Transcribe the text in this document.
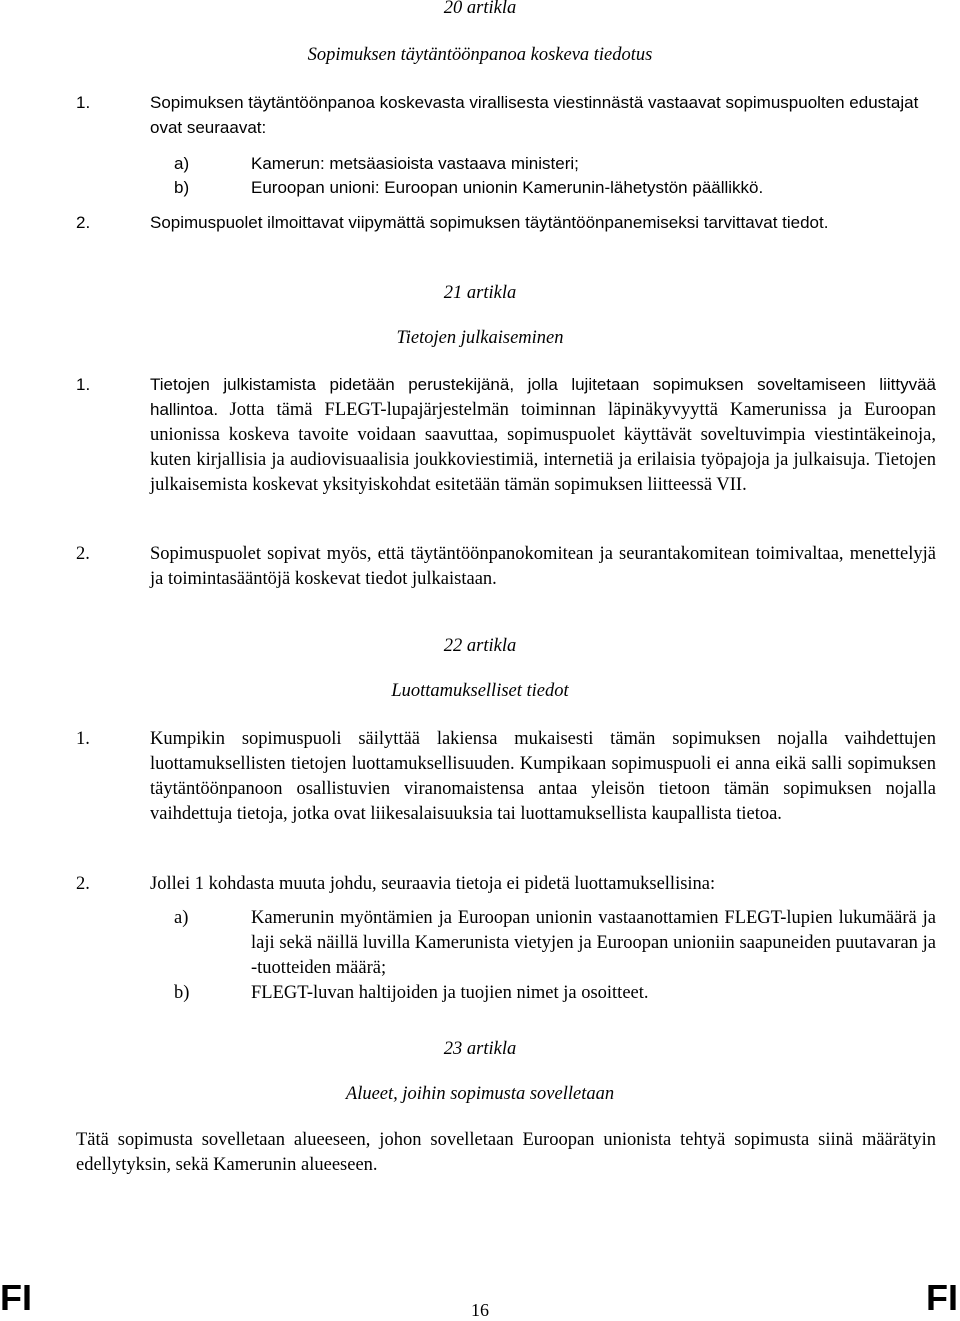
20 artikla
Sopimuksen täytäntöönpanoa koskeva tiedotus
1.	Sopimuksen täytäntöönpanoa koskevasta virallisesta viestinnästä vastaavat sopimuspuolten edustajat ovat seuraavat:
a)	Kamerun: metsäasioista vastaava ministeri;
b)	Euroopan unioni: Euroopan unionin Kamerunin-lähetystön päällikkö.
2.	Sopimuspuolet ilmoittavat viipymättä sopimuksen täytäntöönpanemiseksi tarvittavat tiedot.
21 artikla
Tietojen julkaiseminen
1.	Tietojen julkistamista pidetään perustekijänä, jolla lujitetaan sopimuksen soveltamiseen liittyvää hallintoa. Jotta tämä FLEGT-lupajärjestelmän toiminnan läpinäkyvyyttä Kamerunissa ja Euroopan unionissa koskeva tavoite voidaan saavuttaa, sopimuspuolet käyttävät soveltuvimpia viestintäkeinoja, kuten kirjallisia ja audiovisuaalisia joukkoviestimiä, internetiä ja erilaisia työpajoja ja julkaisuja. Tietojen julkaisemista koskevat yksityiskohdat esitetään tämän sopimuksen liitteessä VII.
2.	Sopimuspuolet sopivat myös, että täytäntöönpanokomitean ja seurantakomitean toimivaltaa, menettelyjä ja toimintasääntöjä koskevat tiedot julkaistaan.
22 artikla
Luottamukselliset tiedot
1.	Kumpikin sopimuspuoli säilyttää lakiensa mukaisesti tämän sopimuksen nojalla vaihdettujen luottamuksellisten tietojen luottamuksellisuuden. Kumpikaan sopimuspuoli ei anna eikä salli sopimuksen täytäntöönpanoon osallistuvien viranomaistensa antaa yleisön tietoon tämän sopimuksen nojalla vaihdettuja tietoja, jotka ovat liikesalaisuuksia tai luottamuksellista kaupallista tietoa.
2.	Jollei 1 kohdasta muuta johdu, seuraavia tietoja ei pidetä luottamuksellisina:
a)	Kamerunin myöntämien ja Euroopan unionin vastaanottamien FLEGT-lupien lukumäärä ja laji sekä näillä luvilla Kamerunista vietyjen ja Euroopan unioniin saapuneiden puutavaran ja -tuotteiden määrä;
b)	FLEGT-luvan haltijoiden ja tuojien nimet ja osoitteet.
23 artikla
Alueet, joihin sopimusta sovelletaan
Tätä sopimusta sovelletaan alueeseen, johon sovelletaan Euroopan unionista tehtyä sopimusta siinä määrätyin edellytyksin, sekä Kamerunin alueeseen.
FI	16	FI
